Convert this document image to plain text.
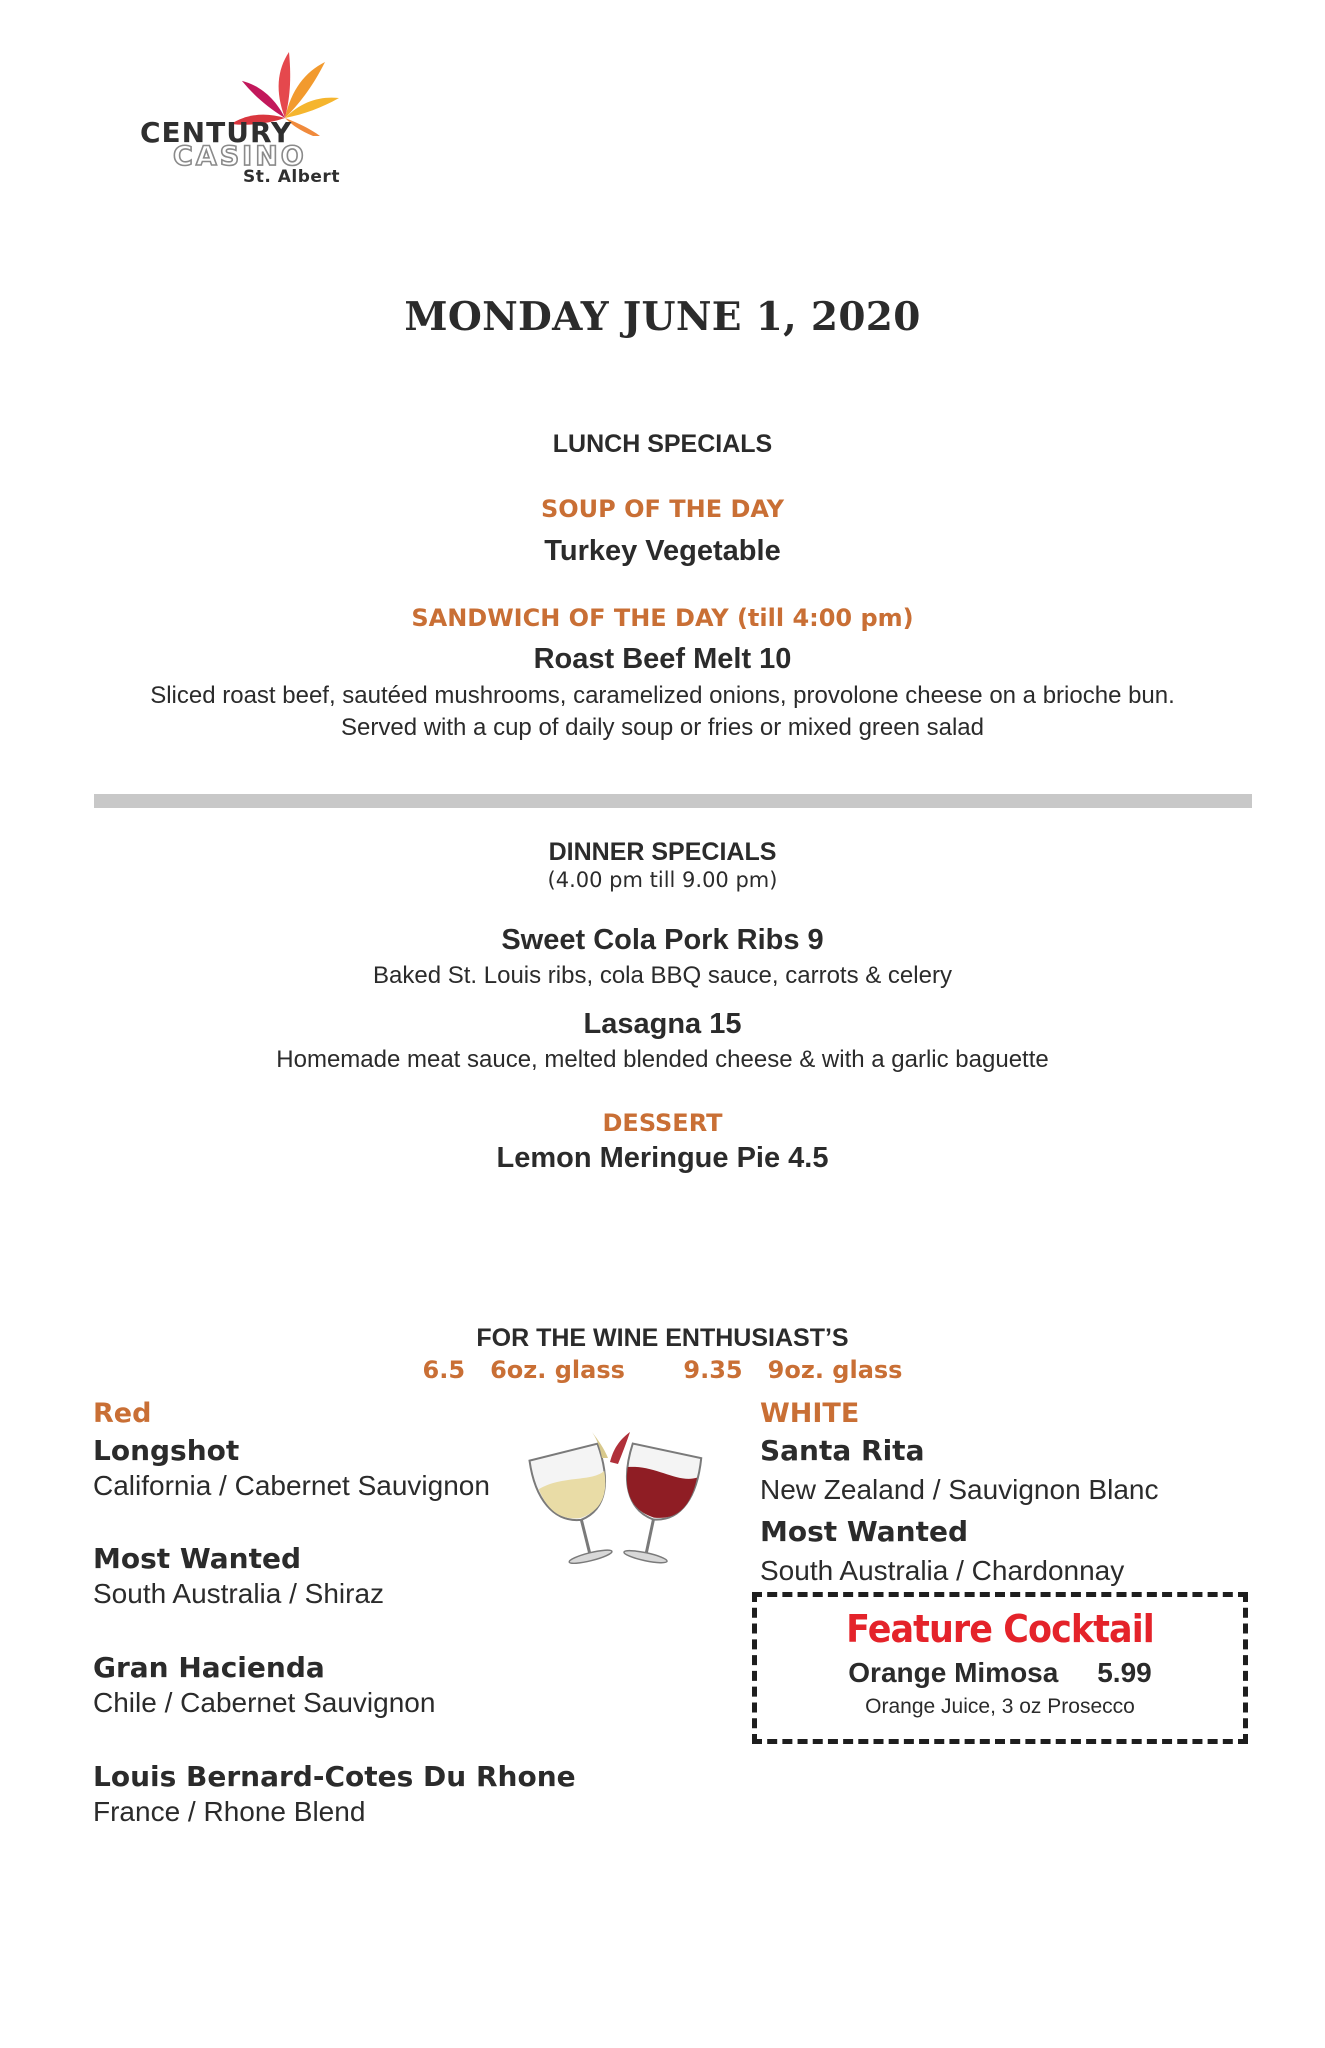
CENTURY
CASINO
St. Albert
MONDAY JUNE 1, 2020
LUNCH SPECIALS
SOUP OF THE DAY
Turkey Vegetable
SANDWICH OF THE DAY (till 4:00 pm)
Roast Beef Melt 10
Sliced roast beef, sautéed mushrooms, caramelized onions, provolone cheese on a brioche bun.
Served with a cup of daily soup or fries or mixed green salad
DINNER SPECIALS
(4.00 pm till 9.00 pm)
Sweet Cola Pork Ribs 9
Baked St. Louis ribs, cola BBQ sauce, carrots & celery
Lasagna 15
Homemade meat sauce, melted blended cheese & with a garlic baguette
DESSERT
Lemon Meringue Pie 4.5
FOR THE WINE ENTHUSIAST’S
6.5   6oz. glass       9.35   9oz. glass
Red
Longshot
California / Cabernet Sauvignon
Most Wanted
South Australia / Shiraz
Gran Hacienda
Chile / Cabernet Sauvignon
Louis Bernard-Cotes Du Rhone
France / Rhone Blend
WHITE
Santa Rita
New Zealand / Sauvignon Blanc
Most Wanted
South Australia / Chardonnay
Feature Cocktail
Orange Mimosa     5.99
Orange Juice, 3 oz Prosecco
